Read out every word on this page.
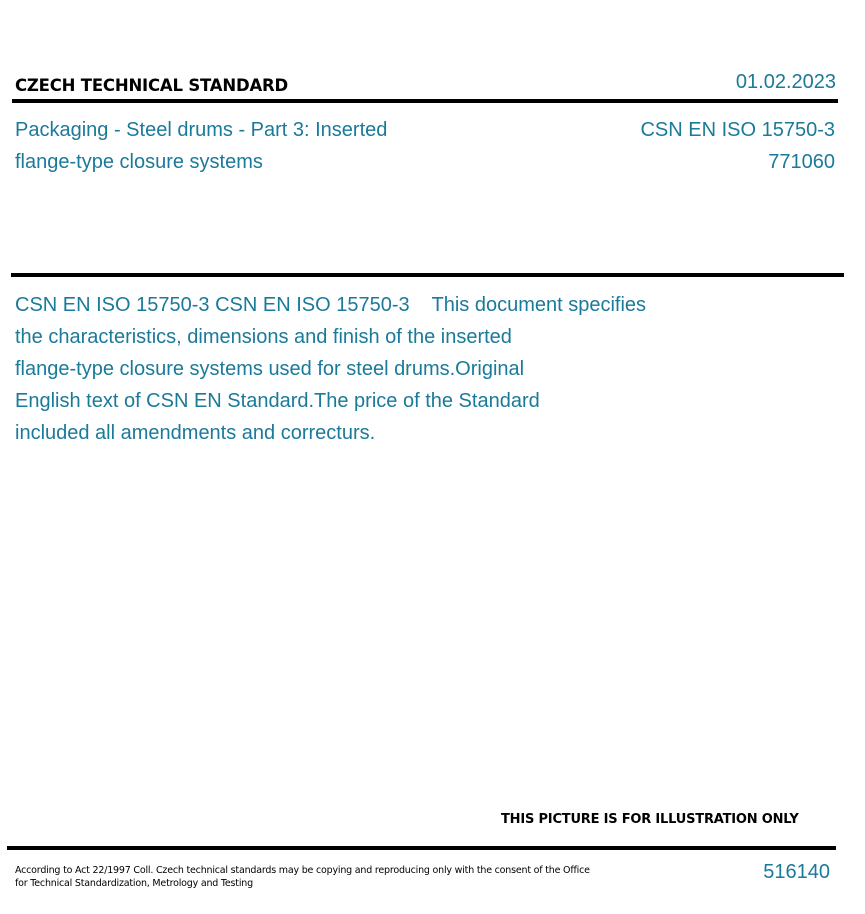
CZECH TECHNICAL STANDARD	01.02.2023
Packaging - Steel drums - Part 3: Inserted
flange-type closure systems
CSN EN ISO 15750-3
771060
CSN EN ISO 15750-3 CSN EN ISO 15750-3    This document specifies
the characteristics, dimensions and finish of the inserted
flange-type closure systems used for steel drums.Original
English text of CSN EN Standard.The price of the Standard
included all amendments and correcturs.
THIS PICTURE IS FOR ILLUSTRATION ONLY
According to Act 22/1997 Coll. Czech technical standards may be copying and reproducing only with the consent of the Office
for Technical Standardization, Metrology and Testing
516140
